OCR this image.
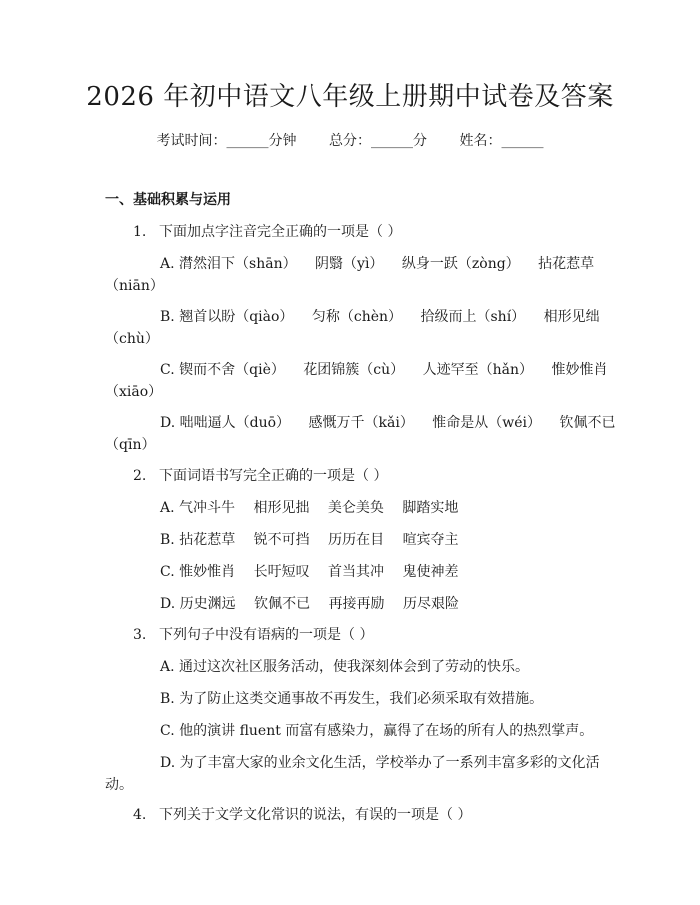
2026 年初中语文八年级上册期中试卷及答案
考试时间：______分钟 总分：______分 姓名：______
一、基础积累与运用
1. 下面加点字注音完全正确的一项是（ ）
A. 潸然泪下（shān） 阴翳（yì） 纵身一跃（zòng） 拈花惹草
（niān）
B. 翘首以盼（qiào） 匀称（chèn） 拾级而上（shí） 相形见绌
（chù）
C. 锲而不舍（qiè） 花团锦簇（cù） 人迹罕至（hǎn） 惟妙惟肖
（xiāo）
D. 咄咄逼人（duō） 感慨万千（kǎi） 惟命是从（wéi） 钦佩不已
（qīn）
2. 下面词语书写完全正确的一项是（ ）
A. 气冲斗牛 相形见拙 美仑美奂 脚踏实地
B. 拈花惹草 锐不可挡 历历在目 喧宾夺主
C. 惟妙惟肖 长吁短叹 首当其冲 鬼使神差
D. 历史渊远 钦佩不已 再接再励 历尽艰险
3. 下列句子中没有语病的一项是（ ）
A. 通过这次社区服务活动，使我深刻体会到了劳动的快乐。
B. 为了防止这类交通事故不再发生，我们必须采取有效措施。
C. 他的演讲 fluent 而富有感染力，赢得了在场的所有人的热烈掌声。
D. 为了丰富大家的业余文化生活，学校举办了一系列丰富多彩的文化活
动。
4. 下列关于文学文化常识的说法，有误的一项是（ ）
